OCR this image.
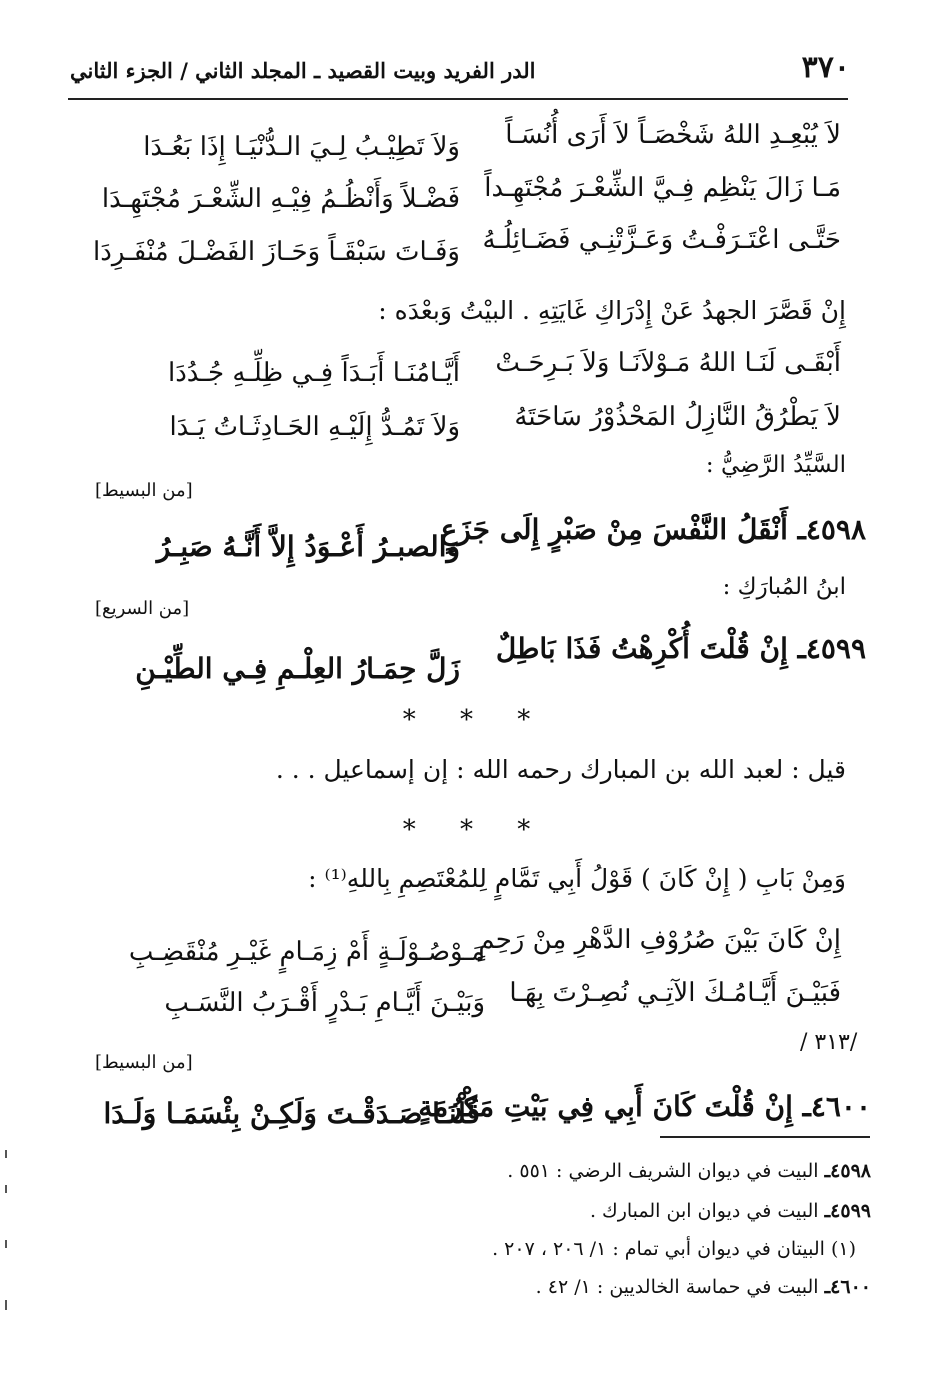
٣٧٠
الدر الفريد وبيت القصيد ـ المجلد الثاني / الجزء الثاني
لاَ يُبْعِـدِ اللهُ شَخْصَـاً لاَ أَرَى أُنُسَـاً
وَلاَ تَطِيْـبُ لِـيَ الـدُّنْيَـا إِذَا بَعُـدَا
مَـا زَالَ يَنْظِم فِـيَّ الشِّعْـرَ مُجْتَهِـداً
فَضْـلاً وَأَنْظُـمُ فِيْـهِ الشِّعْـرَ مُجْتَهِـدَا
حَتَّـى اعْتَـرَفْـتُ وَعَـزَّتْنِـي فَضَـائِلُـهُ
وَفَـاتَ سَبْقَـاً وَحَـازَ الفَضْـلَ مُنْفَـرِدَا
إِنْ قَصَّرَ الجهدُ عَنْ إِدْرَاكِ غَايَتِهِ . البيْتُ وَبعْدَه :
أَبْقَـى لَنَـا اللهُ مَـوْلاَنَـا وَلاَ بَـرِحَـتْ
أَيَّـامُنَـا أَبَـدَاً فِـي ظِلِّـهِ جُـدُدَا
لاَ يَطْرُقُ النَّازِلُ المَحْذُوْرُ سَاحَتَهُ
وَلاَ تَمُـدُّ إِلَيْـهِ الحَـادِثَـاتُ يَـدَا
السَّيِّدُ الرَّضِيُّ :
[من البسيط]
٤٥٩٨ـ أَنْقَلُ النَّفْسَ مِنْ صَبْرٍ إِلَى جَزَعٍ
وَالصبـرُ أَعْـوَدُ إِلاَّ أَنَّـهُ صَبِـرُ
ابنُ المُبارَكِ :
[من السريع]
٤٥٩٩ـ إِنْ قُلْتَ أُكْرِهْتُ فَذَا بَاطِلٌ
زَلَّ حِمَـارُ العِلْـمِ فِـي الطِّيْـنِ
* * *
قيل : لعبد الله بن المبارك رحمه الله : إن إسماعيل . . .
* * *
وَمِنْ بَابِ ( إِنْ كَانَ ) قَوْلُ أَبِي تَمَّامٍ لِلمُعْتَصِمِ بِاللهِ⁽¹⁾ :
إِنْ كَانَ بَيْنَ صُرُوْفِ الدَّهْرِ مِنْ رَحِمٍ
مَـوْصُـوْلَـةٍ أَمْ زِمَـامٍ غَيْـرِ مُنْقَضِـبِ
فَبَيْـنَ أَيَّـامُـكَ الآتِـي نُصِـرْتَ بِهَـا
وَبَيْـنَ أَيَّـامِ بَـدْرٍ أَقْـرَبُ النَّسَـبِ
/ ٣١٣/
[من البسيط]
٤٦٠٠ـ إِنْ قُلْتَ كَانَ أَبِي فِي بَيْتِ مَكْرُمَةٍ
قُلْنَـا صَـدَقْـتَ وَلَكِـنْ بِئْسَمَـا وَلَـدَا
٤٥٩٨ـ البيت في ديوان الشريف الرضي : ٥٥١ .
٤٥٩٩ـ البيت في ديوان ابن المبارك .
(١) البيتان في ديوان أبي تمام : ١/ ٢٠٦ ، ٢٠٧ .
٤٦٠٠ـ البيت في حماسة الخالديين : ١/ ٤٢ .
